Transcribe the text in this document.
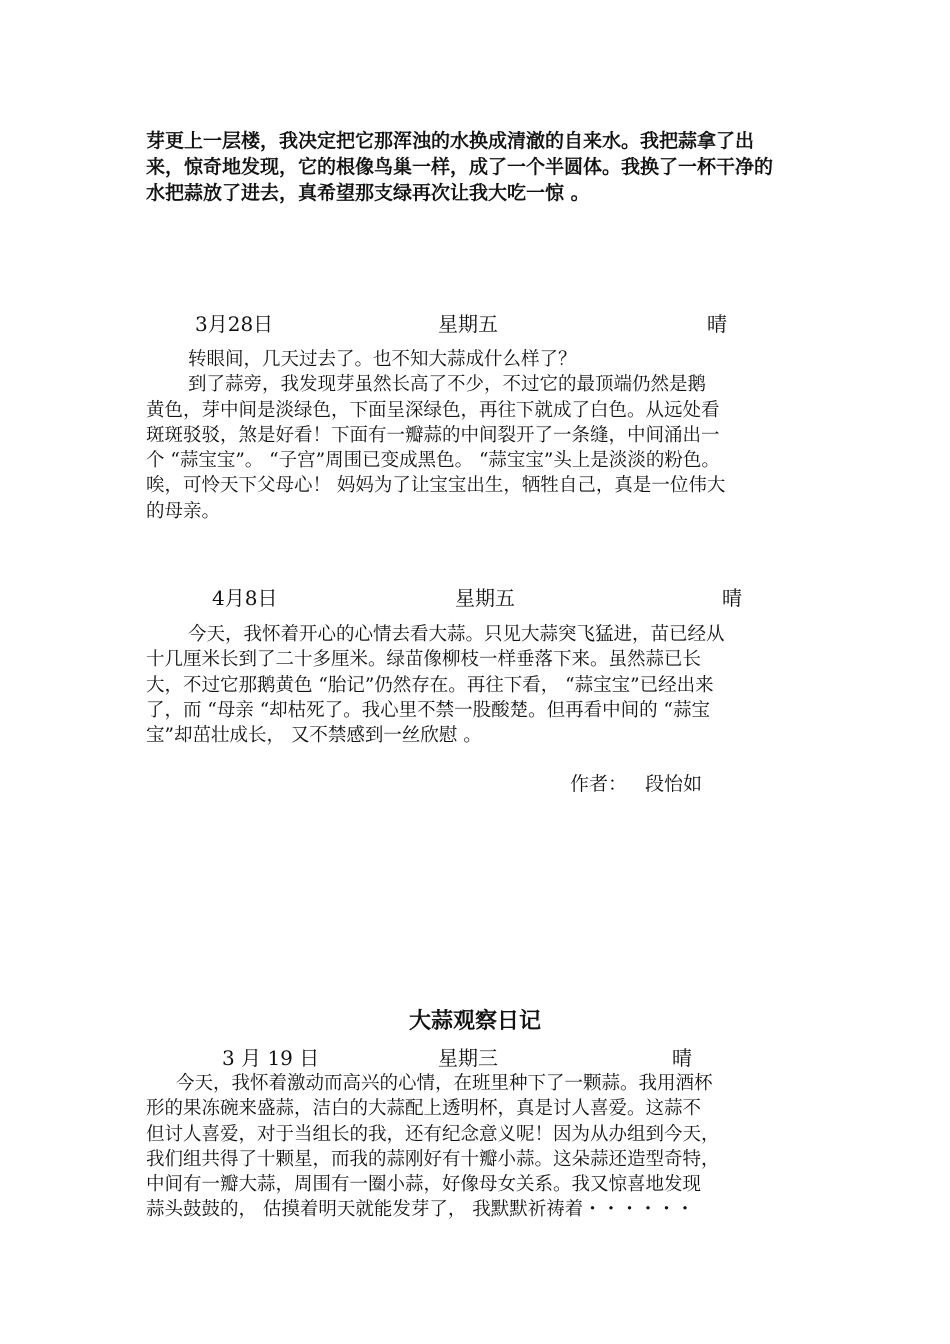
芽更上一层楼，我决定把它那浑浊的水换成清澈的自来水。我把蒜拿了出
来，惊奇地发现，它的根像鸟巢一样，成了一个半圆体。我换了一杯干净的
水把蒜放了进去，真希望那支绿再次让我大吃一惊 。
3月28日	星期五	晴
转眼间，几天过去了。也不知大蒜成什么样了？
到了蒜旁，我发现芽虽然长高了不少，不过它的最顶端仍然是鹅
黄色，芽中间是淡绿色，下面呈深绿色，再往下就成了白色。从远处看
斑斑驳驳，煞是好看！下面有一瓣蒜的中间裂开了一条缝，中间涌出一
个 “蒜宝宝”。 “子宫”周围已变成黑色。 “蒜宝宝”头上是淡淡的粉色。
唉，可怜天下父母心！ 妈妈为了让宝宝出生，牺牲自己，真是一位伟大
的母亲。
4月8日	星期五	晴
今天，我怀着开心的心情去看大蒜。只见大蒜突飞猛进，苗已经从
十几厘米长到了二十多厘米。绿苗像柳枝一样垂落下来。虽然蒜已长
大，不过它那鹅黄色 “胎记”仍然存在。再往下看， “蒜宝宝”已经出来
了，而 “母亲 “却枯死了。我心里不禁一股酸楚。但再看中间的 “蒜宝
宝”却茁壮成长， 又不禁感到一丝欣慰 。
作者： 段怡如
大蒜观察日记
3 月 19 日	星期三	晴
今天，我怀着激动而高兴的心情，在班里种下了一颗蒜。我用酒杯
形的果冻碗来盛蒜，洁白的大蒜配上透明杯，真是讨人喜爱。这蒜不
但讨人喜爱，对于当组长的我，还有纪念意义呢！因为从办组到今天，
我们组共得了十颗星，而我的蒜刚好有十瓣小蒜。这朵蒜还造型奇特，
中间有一瓣大蒜，周围有一圈小蒜，好像母女关系。我又惊喜地发现
蒜头鼓鼓的， 估摸着明天就能发芽了， 我默默祈祷着・・・・・・
